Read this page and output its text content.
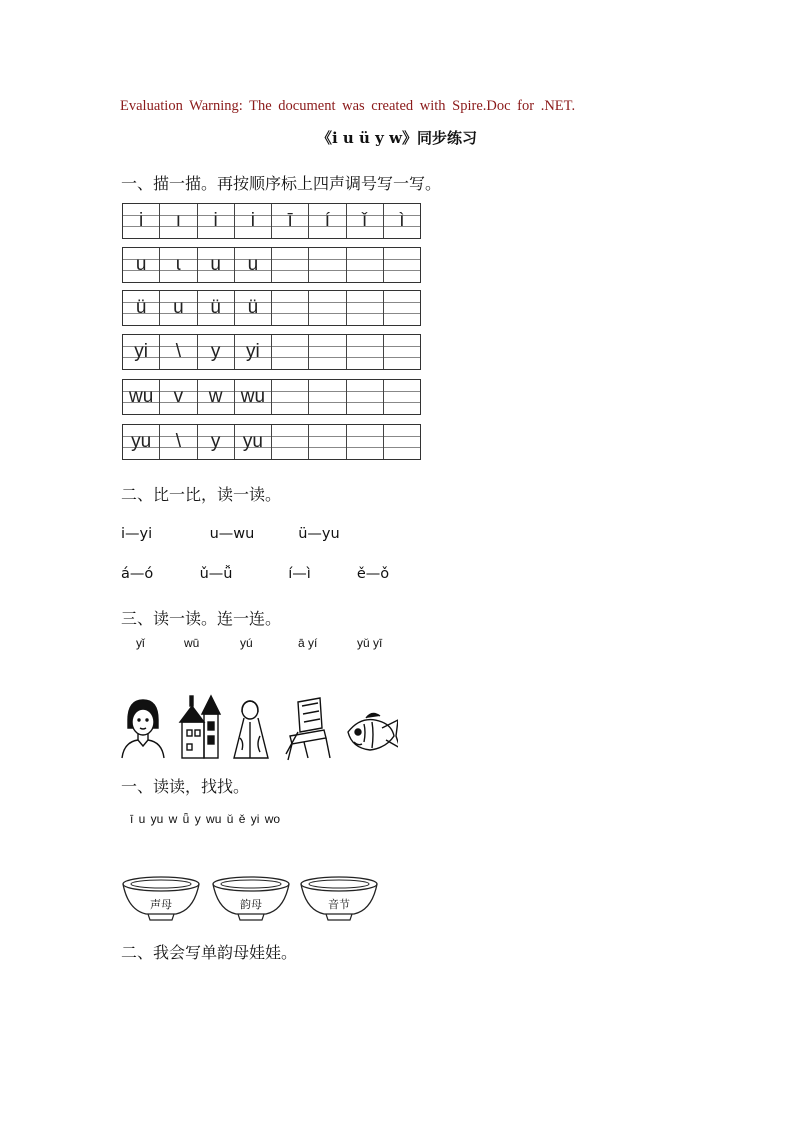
Evaluation Warning: The document was created with Spire.Doc for .NET.
《i u ü y w》同步练习
一、描一描。再按顺序标上四声调号写一写。
i ı i i ī í ǐ ì
u ɩ u u
ü u ü ü
yi \ y yi
wu v w wu
yu \ y yu
二、比一比，读一读。
i—yi	u—wu	ü—yu
á—ó	ǔ—ǚ	í—ì	ě—ǒ
三、读一读。连一连。
yǐ	wū	yú	ā yí	yǔ yī
一、读读，找找。
ī u yu w ǖ y wu ǔ ě yi wo
声母	韵母	音节
二、我会写单韵母娃娃。
